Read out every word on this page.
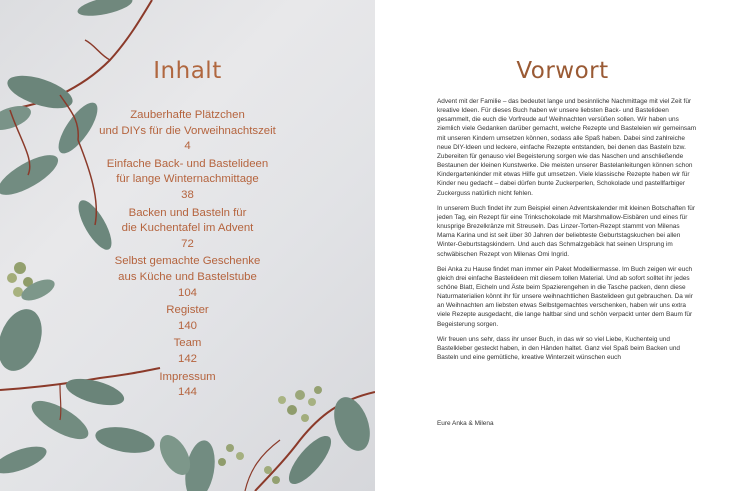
Inhalt
Zauberhafte Plätzchen
und DIYs für die Vorweihnachtszeit
4
Einfache Back- und Bastelideen
für lange Winternachmittage
38
Backen und Basteln für
die Kuchentafel im Advent
72
Selbst gemachte Geschenke
aus Küche und Bastelstube
104
Register
140
Team
142
Impressum
144
Vorwort

Advent mit der Familie – das bedeutet lange und besinnliche Nachmittage mit viel Zeit für kreative Ideen. Für dieses Buch haben wir unsere liebsten Back- und Bastelideen gesammelt, die euch die Vorfreude auf Weihnachten versüßen sollen. Wir haben uns ziemlich viele Gedanken darüber gemacht, welche Rezepte und Basteleien wir gemeinsam mit unseren Kindern umsetzen können, sodass alle Spaß haben. Dabei sind zahlreiche neue DIY-Ideen und leckere, einfache Rezepte entstanden, bei denen das Basteln bzw. Zubereiten für genauso viel Begeisterung sorgen wie das Naschen und anschließende Bestaunen der kleinen Kunstwerke. Die meisten unserer Bastelanleitungen können schon Kindergartenkinder mit etwas Hilfe gut umsetzen. Viele klassische Rezepte haben wir für Kinder neu gedacht – dabei dürfen bunte Zuckerperlen, Schokolade und pastellfarbiger Zuckerguss natürlich nicht fehlen.

In unserem Buch findet ihr zum Beispiel einen Adventskalender mit kleinen Botschaften für jeden Tag, ein Rezept für eine Trinkschokolade mit Marshmallow-Eisbären und eines für knusprige Brezelkränze mit Streuseln. Das Linzer-Torten-Rezept stammt von Milenas Mama Karina und ist seit über 30 Jahren der beliebteste Geburtstagskuchen bei allen Winter-Geburtstagskindern. Und auch das Schmalzgebäck hat seinen Ursprung im schwäbischen Rezept von Milenas Omi Ingrid.

Bei Anka zu Hause findet man immer ein Paket Modelliermasse. Im Buch zeigen wir euch gleich drei einfache Bastelideen mit diesem tollen Material. Und ab sofort solltet ihr jedes schöne Blatt, Eicheln und Äste beim Spazierengehen in die Tasche packen, denn diese Naturmaterialien könnt ihr für unsere weihnachtlichen Bastelideen gut gebrauchen. Da wir an Weihnachten am liebsten etwas Selbstgemachtes verschenken, haben wir uns extra viele Rezepte ausgedacht, die lange haltbar sind und schön verpackt unter dem Baum für Begeisterung sorgen.

Wir freuen uns sehr, dass ihr unser Buch, in das wir so viel Liebe, Kuchenteig und Bastelkleber gesteckt haben, in den Händen haltet. Ganz viel Spaß beim Backen und Basteln und eine gemütliche, kreative Winterzeit wünschen euch

Eure Anka & Milena
